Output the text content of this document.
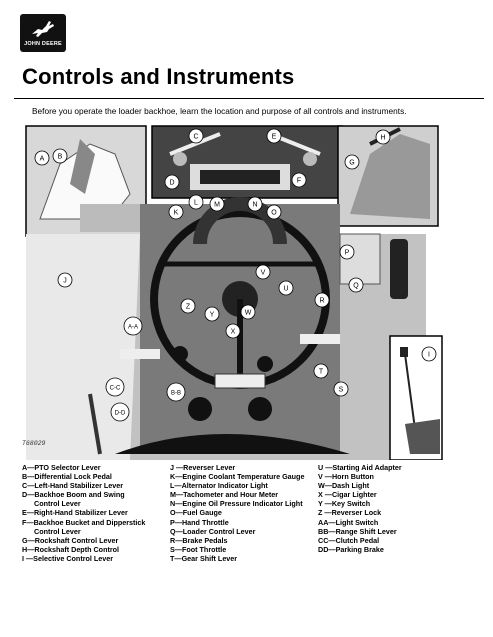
JOHN DEERE
Controls and Instruments
Before you operate the loader backhoe, learn the location and purpose of all controls and instruments.
A B
C
D
E
F
G
H
I
J
K
L M	N
O
P
Q
R
S
T
U
V
W
X
Y
Z
A-A
B-B
C-C
D-D
T68029
A—PTO Selector Lever
B—Differential Lock Pedal
C—Left-Hand Stabilizer Lever
D—Backhoe Boom and Swing
Control Lever
E—Right-Hand Stabilizer Lever
F—Backhoe Bucket and Dipperstick
Control Lever
G—Rockshaft Control Lever
H—Rockshaft Depth Control
I —Selective Control Lever
J —Reverser Lever
K—Engine Coolant Temperature Gauge
L—Alternator Indicator Light
M—Tachometer and Hour Meter
N—Engine Oil Pressure Indicator Light
O—Fuel Gauge
P—Hand Throttle
Q—Loader Control Lever
R—Brake Pedals
S—Foot Throttle
T—Gear Shift Lever
U —Starting Aid Adapter
V —Horn Button
W—Dash Light
X —Cigar Lighter
Y —Key Switch
Z —Reverser Lock
AA—Light Switch
BB—Range Shift Lever
CC—Clutch Pedal
DD—Parking Brake
